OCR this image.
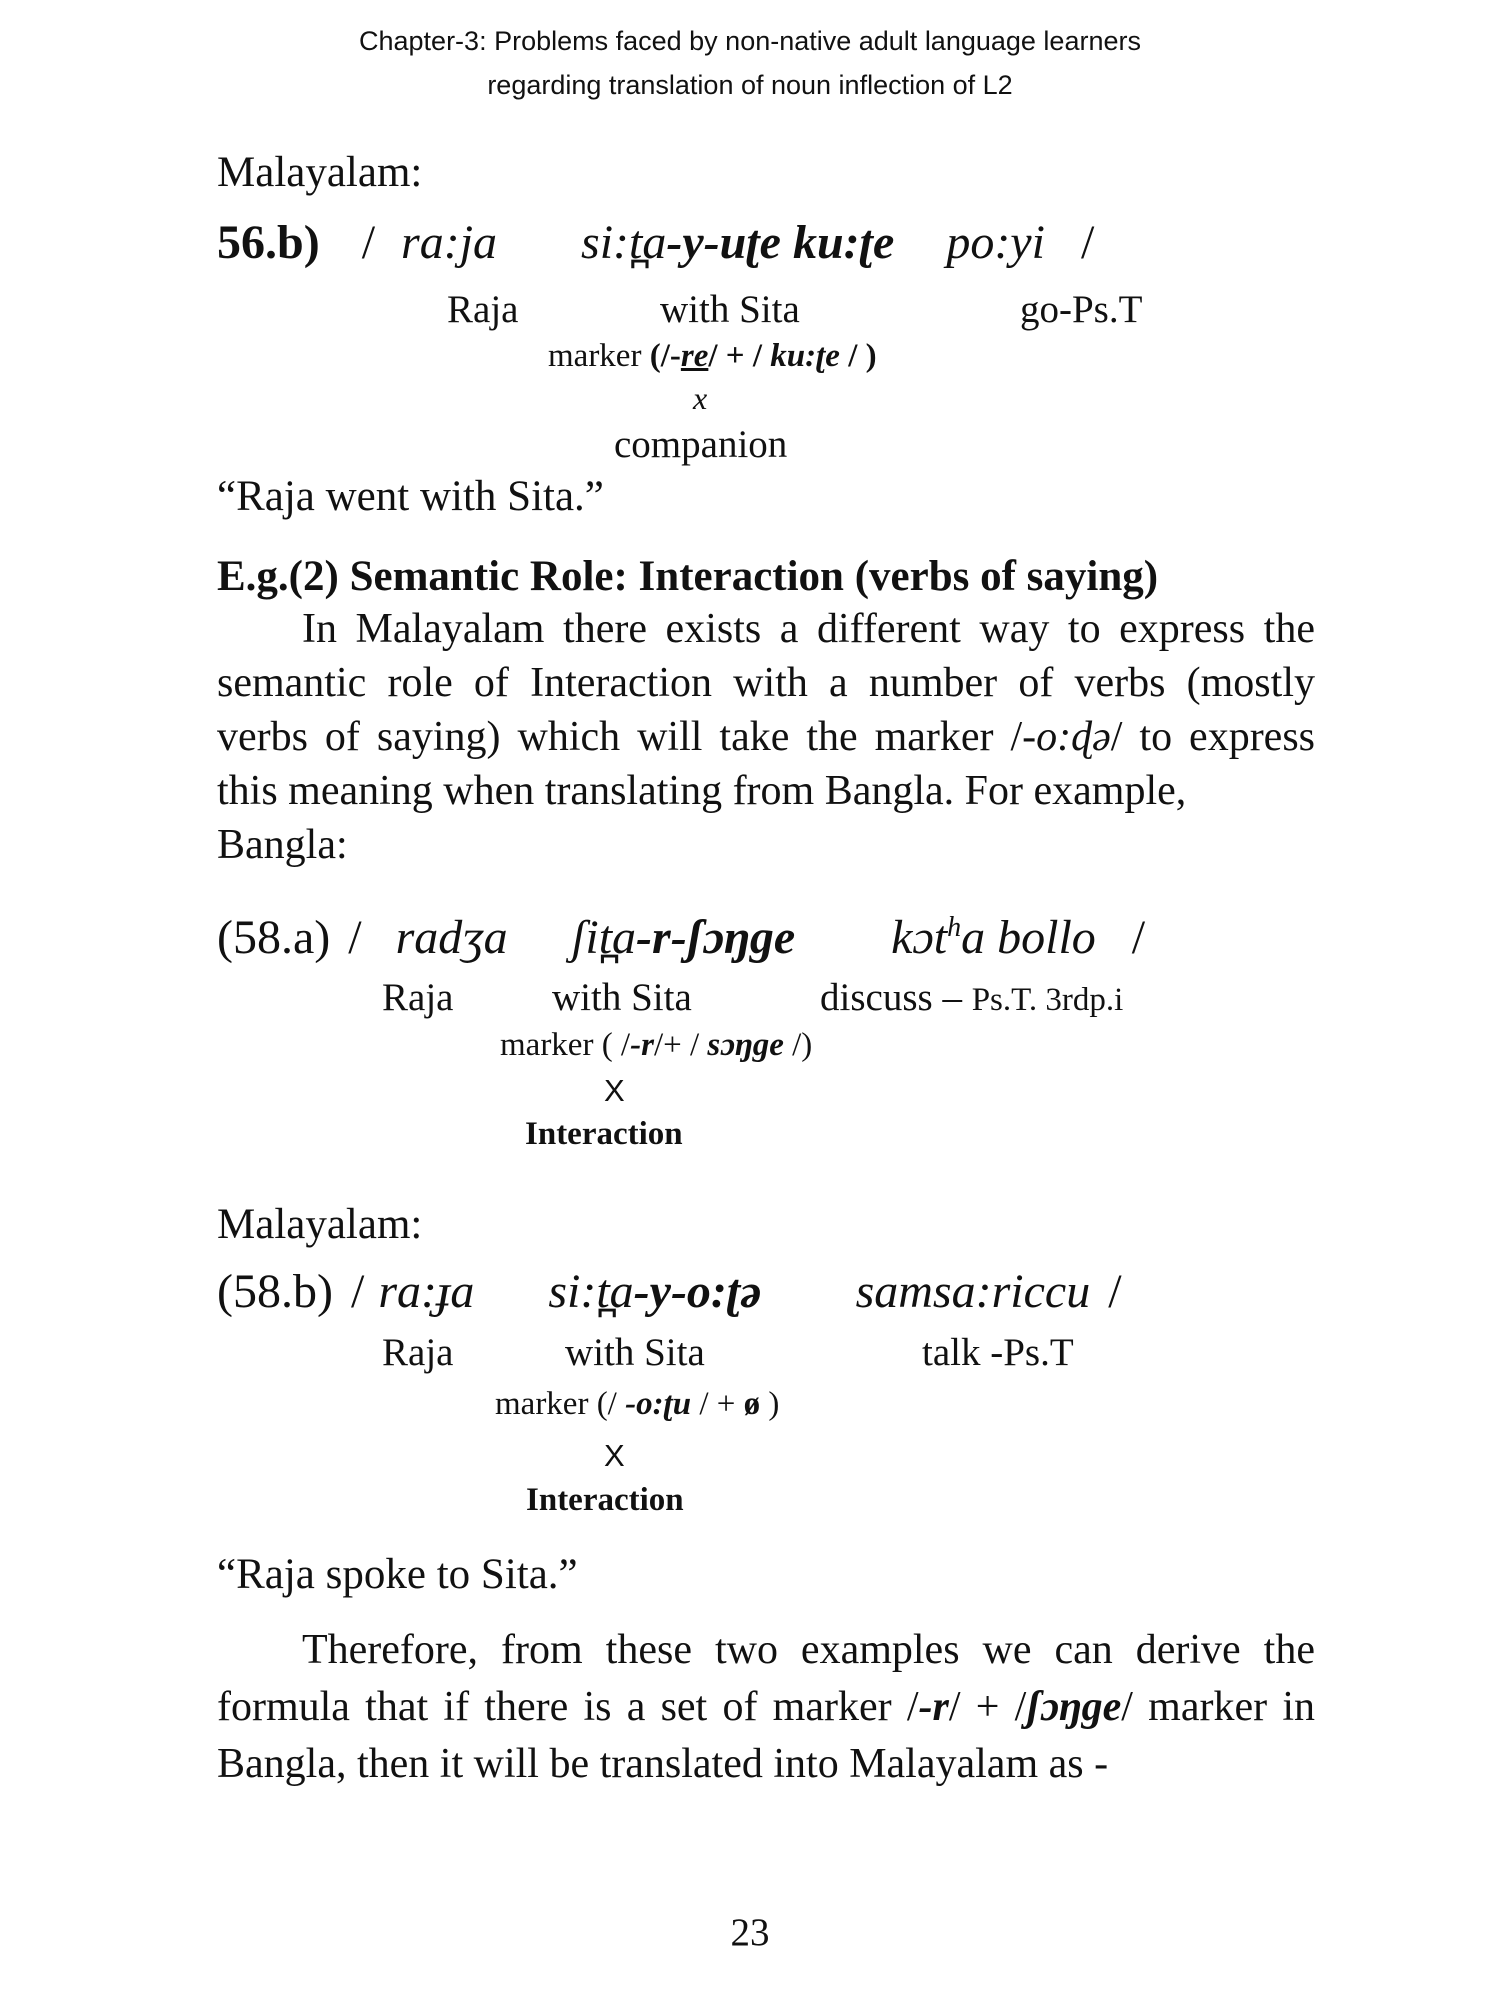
Chapter-3: Problems faced by non-native adult language learners
regarding translation of noun inflection of L2
Malayalam:
56.b) / ra:ja si:t̪a-y-uʈe ku:ʈe po:yi /
Raja	with Sita	go-Ps.T
marker (/-re/ + / ku:ʈe / )
x
companion
“Raja went with Sita.”
E.g.(2) Semantic Role: Interaction (verbs of saying)

In Malayalam there exists a different way to express the semantic role of Interaction with a number of verbs (mostly verbs of saying) which will take the marker /-o:ɖə/ to express this meaning when translating from Bangla. For example,

Bangla:

(58.a) / radʒa ʃit̪a-r-ʃɔŋge kɔt$^h$a bollo /
Raja	with Sita	discuss – Ps.T. 3rdp.i
marker ( /-r/+ / sɔŋge /)
X
Interaction
Malayalam:
(58.b) / ra:ɟa si:t̪a-y-o:ʈə samsa:riccu /
Raja	with Sita	talk -Ps.T
marker (/ -o:ʈu / + ø )
X
Interaction
“Raja spoke to Sita.”

Therefore, from these two examples we can derive the formula that if there is a set of marker /-r/ + /ʃɔŋge/ marker in Bangla, then it will be translated into Malayalam as -

23
